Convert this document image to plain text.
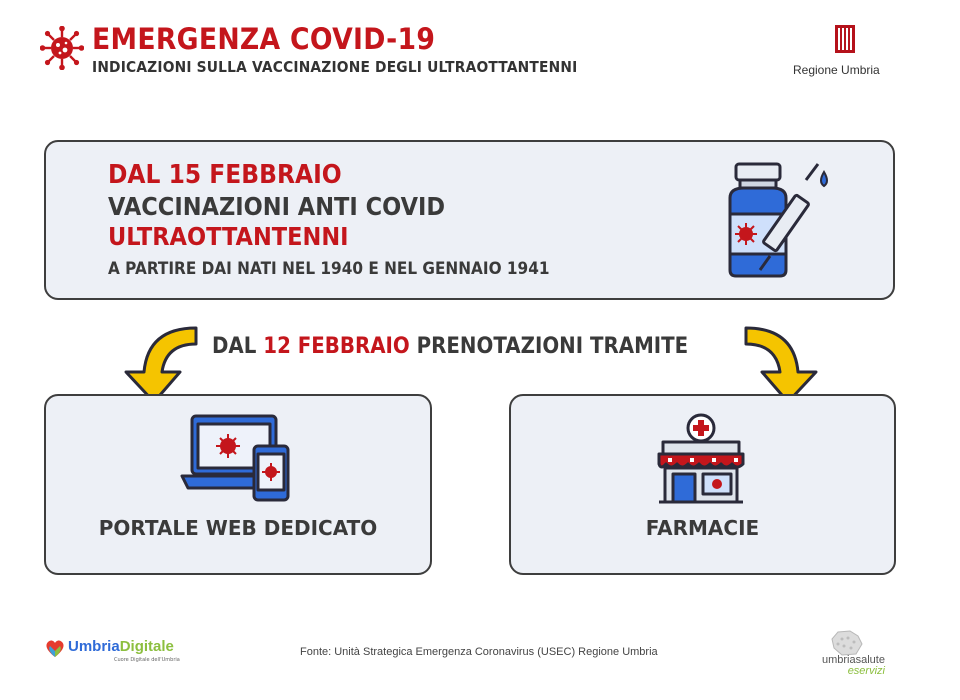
EMERGENZA COVID-19
INDICAZIONI SULLA VACCINAZIONE DEGLI ULTRAOTTANTENNI	Regione Umbria
DAL 15 FEBBRAIO
VACCINAZIONI ANTI COVID
ULTRAOTTANTENNI
A PARTIRE DAI NATI NEL 1940 E NEL GENNAIO 1941
DAL 12 FEBBRAIO PRENOTAZIONI TRAMITE
PORTALE WEB DEDICATO	FARMACIE
UmbriaDigitale
Cuore Digitale dell'Umbria
Fonte: Unità Strategica Emergenza Coronavirus (USEC) Regione Umbria
umbriasalute
eservizi
